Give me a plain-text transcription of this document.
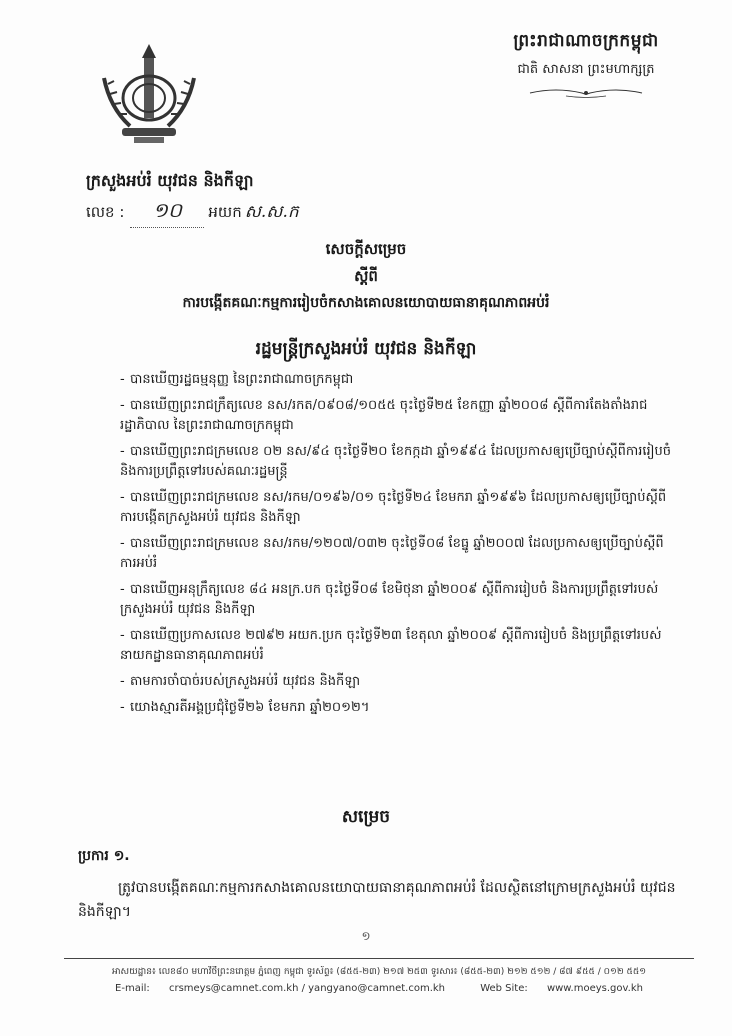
ព្រះរាជាណាចក្រកម្ពុជា
ជាតិ សាសនា ព្រះមហាក្សត្រ
ក្រសួងអប់រំ យុវជន និងកីឡា
លេខ :	១០	អយក ស.ស.ក
សេចក្តីសម្រេច
ស្តីពី
ការបង្កើតគណៈកម្មការរៀបចំកសាងគោលនយោបាយធានាគុណភាពអប់រំ
រដ្ឋមន្ត្រីក្រសួងអប់រំ យុវជន និងកីឡា
- បានឃើញរដ្ឋធម្មនុញ្ញ នៃព្រះរាជាណាចក្រកម្ពុជា
- បានឃើញព្រះរាជក្រឹត្យលេខ នស/រកត/០៩០៨/១០៥៥ ចុះថ្ងៃទី២៥ ខែកញ្ញា ឆ្នាំ២០០៨ ស្តីពីការតែងតាំងរាជរដ្ឋាភិបាល នៃព្រះរាជាណាចក្រកម្ពុជា
- បានឃើញព្រះរាជក្រមលេខ ០២ នស/៩៤ ចុះថ្ងៃទី២០ ខែកក្កដា ឆ្នាំ១៩៩៤ ដែលប្រកាសឲ្យប្រើច្បាប់ស្តីពីការរៀបចំ និងការប្រព្រឹត្តទៅរបស់គណៈរដ្ឋមន្ត្រី
- បានឃើញព្រះរាជក្រមលេខ នស/រកម/០១៩៦/០១ ចុះថ្ងៃទី២៤ ខែមករា ឆ្នាំ១៩៩៦ ដែលប្រកាសឲ្យប្រើច្បាប់ស្តីពីការបង្កើតក្រសួងអប់រំ យុវជន និងកីឡា
- បានឃើញព្រះរាជក្រមលេខ នស/រកម/១២០៧/០៣២ ចុះថ្ងៃទី០៨ ខែធ្នូ ឆ្នាំ២០០៧ ដែលប្រកាសឲ្យប្រើច្បាប់ស្តីពីការអប់រំ
- បានឃើញអនុក្រឹត្យលេខ ៨៤ អនក្រ.បក ចុះថ្ងៃទី០៨ ខែមិថុនា ឆ្នាំ២០០៩ ស្តីពីការរៀបចំ និងការប្រព្រឹត្តទៅរបស់ក្រសួងអប់រំ យុវជន និងកីឡា
- បានឃើញប្រកាសលេខ ២៧៩២ អយក.ប្រក ចុះថ្ងៃទី២៣ ខែតុលា ឆ្នាំ២០០៩ ស្តីពីការរៀបចំ និងប្រព្រឹត្តទៅរបស់នាយកដ្ឋានធានាគុណភាពអប់រំ
- តាមការចាំបាច់របស់ក្រសួងអប់រំ យុវជន និងកីឡា
- យោងស្មារតីអង្គប្រជុំថ្ងៃទី២៦ ខែមករា ឆ្នាំ២០១២។
សម្រេច
ប្រការ ១.
ត្រូវបានបង្កើតគណៈកម្មការកសាងគោលនយោបាយធានាគុណភាពអប់រំ ដែលស្ថិតនៅក្រោមក្រសួងអប់រំ យុវជន និងកីឡា។
១
អាសយដ្ឋាន៖ លេខ៨០ មហាវិថីព្រះនរោត្តម ភ្នំពេញ កម្ពុជា ទូរស័ព្ទ៖ (៨៥៥-២៣) ២១៧ ២៥៣ ទូរសារ៖ (៨៥៥-២៣) ២១២ ៥១២ / ៨៧ ៩៥៥ / ០១២ ៥៥១
E-mail: crsmeys@camnet.com.kh / yangyano@camnet.com.kh	Web Site: www.moeys.gov.kh
